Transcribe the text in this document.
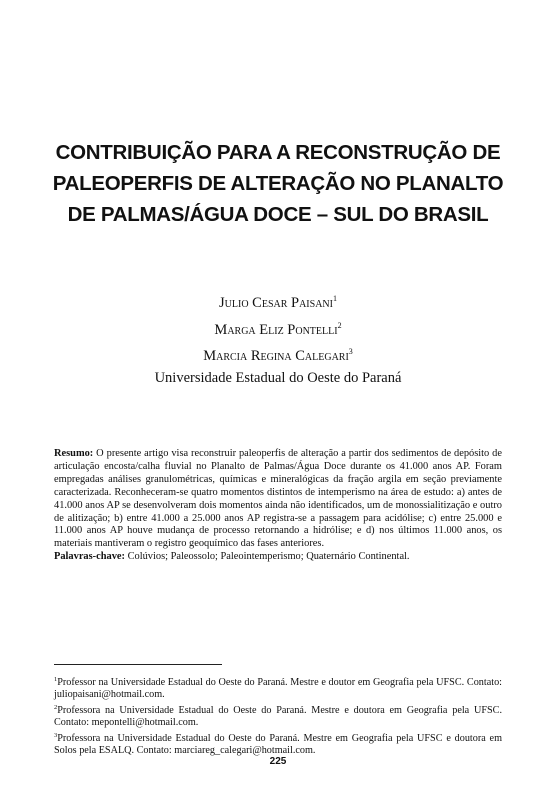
CONTRIBUIÇÃO PARA A RECONSTRUÇÃO DE
PALEOPERFIS DE ALTERAÇÃO NO PLANALTO
DE PALMAS/ÁGUA DOCE – SUL DO BRASIL
Julio Cesar Paisani$^1$
Marga Eliz Pontelli$^2$
Marcia Regina Calegari$^3$
Universidade Estadual do Oeste do Paraná

Resumo: O presente artigo visa reconstruir paleoperfis de alteração a partir dos sedimentos de depósito de articulação encosta/calha fluvial no Planalto de Palmas/Água Doce durante os 41.000 anos AP. Foram empregadas análises granulométricas, químicas e mineralógicas da fração argila em seção previamente caracterizada. Reconheceram-se quatro momentos distintos de intemperismo na área de estudo: a) antes de 41.000 anos AP se desenvolveram dois momentos ainda não identificados, um de monossialitização e outro de alitização; b) entre 41.000 a 25.000 anos AP registra-se a passagem para acidólise; c) entre 25.000 e 11.000 anos AP houve mudança de processo retornando a hidrólise; e d) nos últimos 11.000 anos, os materiais mantiveram o registro geoquímico das fases anteriores.

Palavras-chave: Colúvios; Paleossolo; Paleointemperismo; Quaternário Continental.

$^1$Professor na Universidade Estadual do Oeste do Paraná. Mestre e doutor em Geografia pela UFSC. Contato: juliopaisani@hotmail.com.

$^2$Professora na Universidade Estadual do Oeste do Paraná. Mestre e doutora em Geografia pela UFSC. Contato: mepontelli@hotmail.com.

$^3$Professora na Universidade Estadual do Oeste do Paraná. Mestre em Geografia pela UFSC e doutora em Solos pela ESALQ. Contato: marciareg_calegari@hotmail.com.

225
